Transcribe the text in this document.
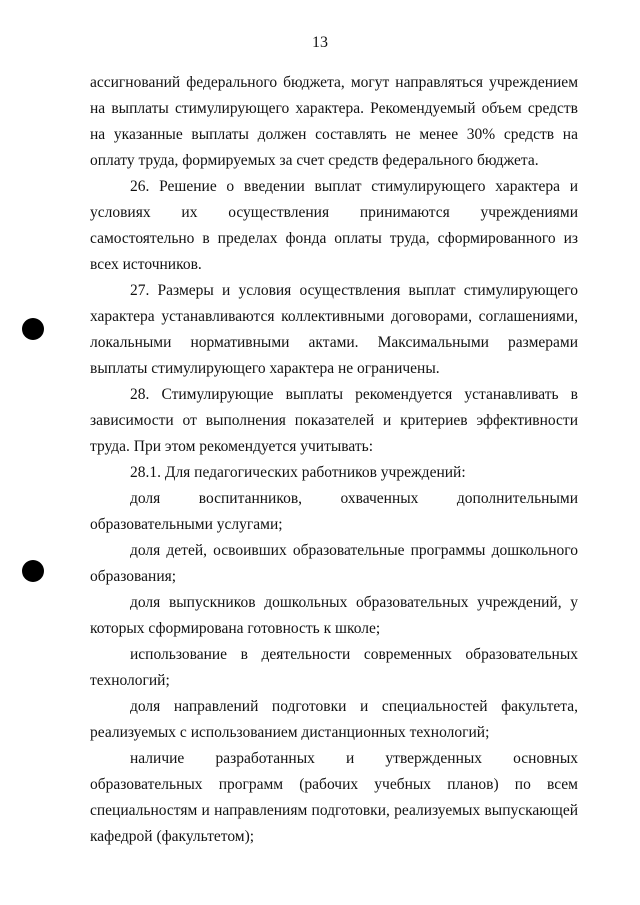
13

ассигнований федерального бюджета, могут направляться учреждением на выплаты стимулирующего характера. Рекомендуемый объем средств на указанные выплаты должен составлять не менее 30% средств на оплату труда, формируемых за счет средств федерального бюджета.

26. Решение о введении выплат стимулирующего характера и условиях их осуществления принимаются учреждениями самостоятельно в пределах фонда оплаты труда, сформированного из всех источников.

27. Размеры и условия осуществления выплат стимулирующего характера устанавливаются коллективными договорами, соглашениями, локальными нормативными актами. Максимальными размерами выплаты стимулирующего характера не ограничены.

28. Стимулирующие выплаты рекомендуется устанавливать в зависимости от выполнения показателей и критериев эффективности труда. При этом рекомендуется учитывать:

28.1. Для педагогических работников учреждений:

доля воспитанников, охваченных дополнительными образовательными услугами;

доля детей, освоивших образовательные программы дошкольного образования;

доля выпускников дошкольных образовательных учреждений, у которых сформирована готовность к школе;

использование в деятельности современных образовательных технологий;

доля направлений подготовки и специальностей факультета, реализуемых с использованием дистанционных технологий;

наличие разработанных и утвержденных основных образовательных программ (рабочих учебных планов) по всем специальностям и направлениям подготовки, реализуемых выпускающей кафедрой (факультетом);
